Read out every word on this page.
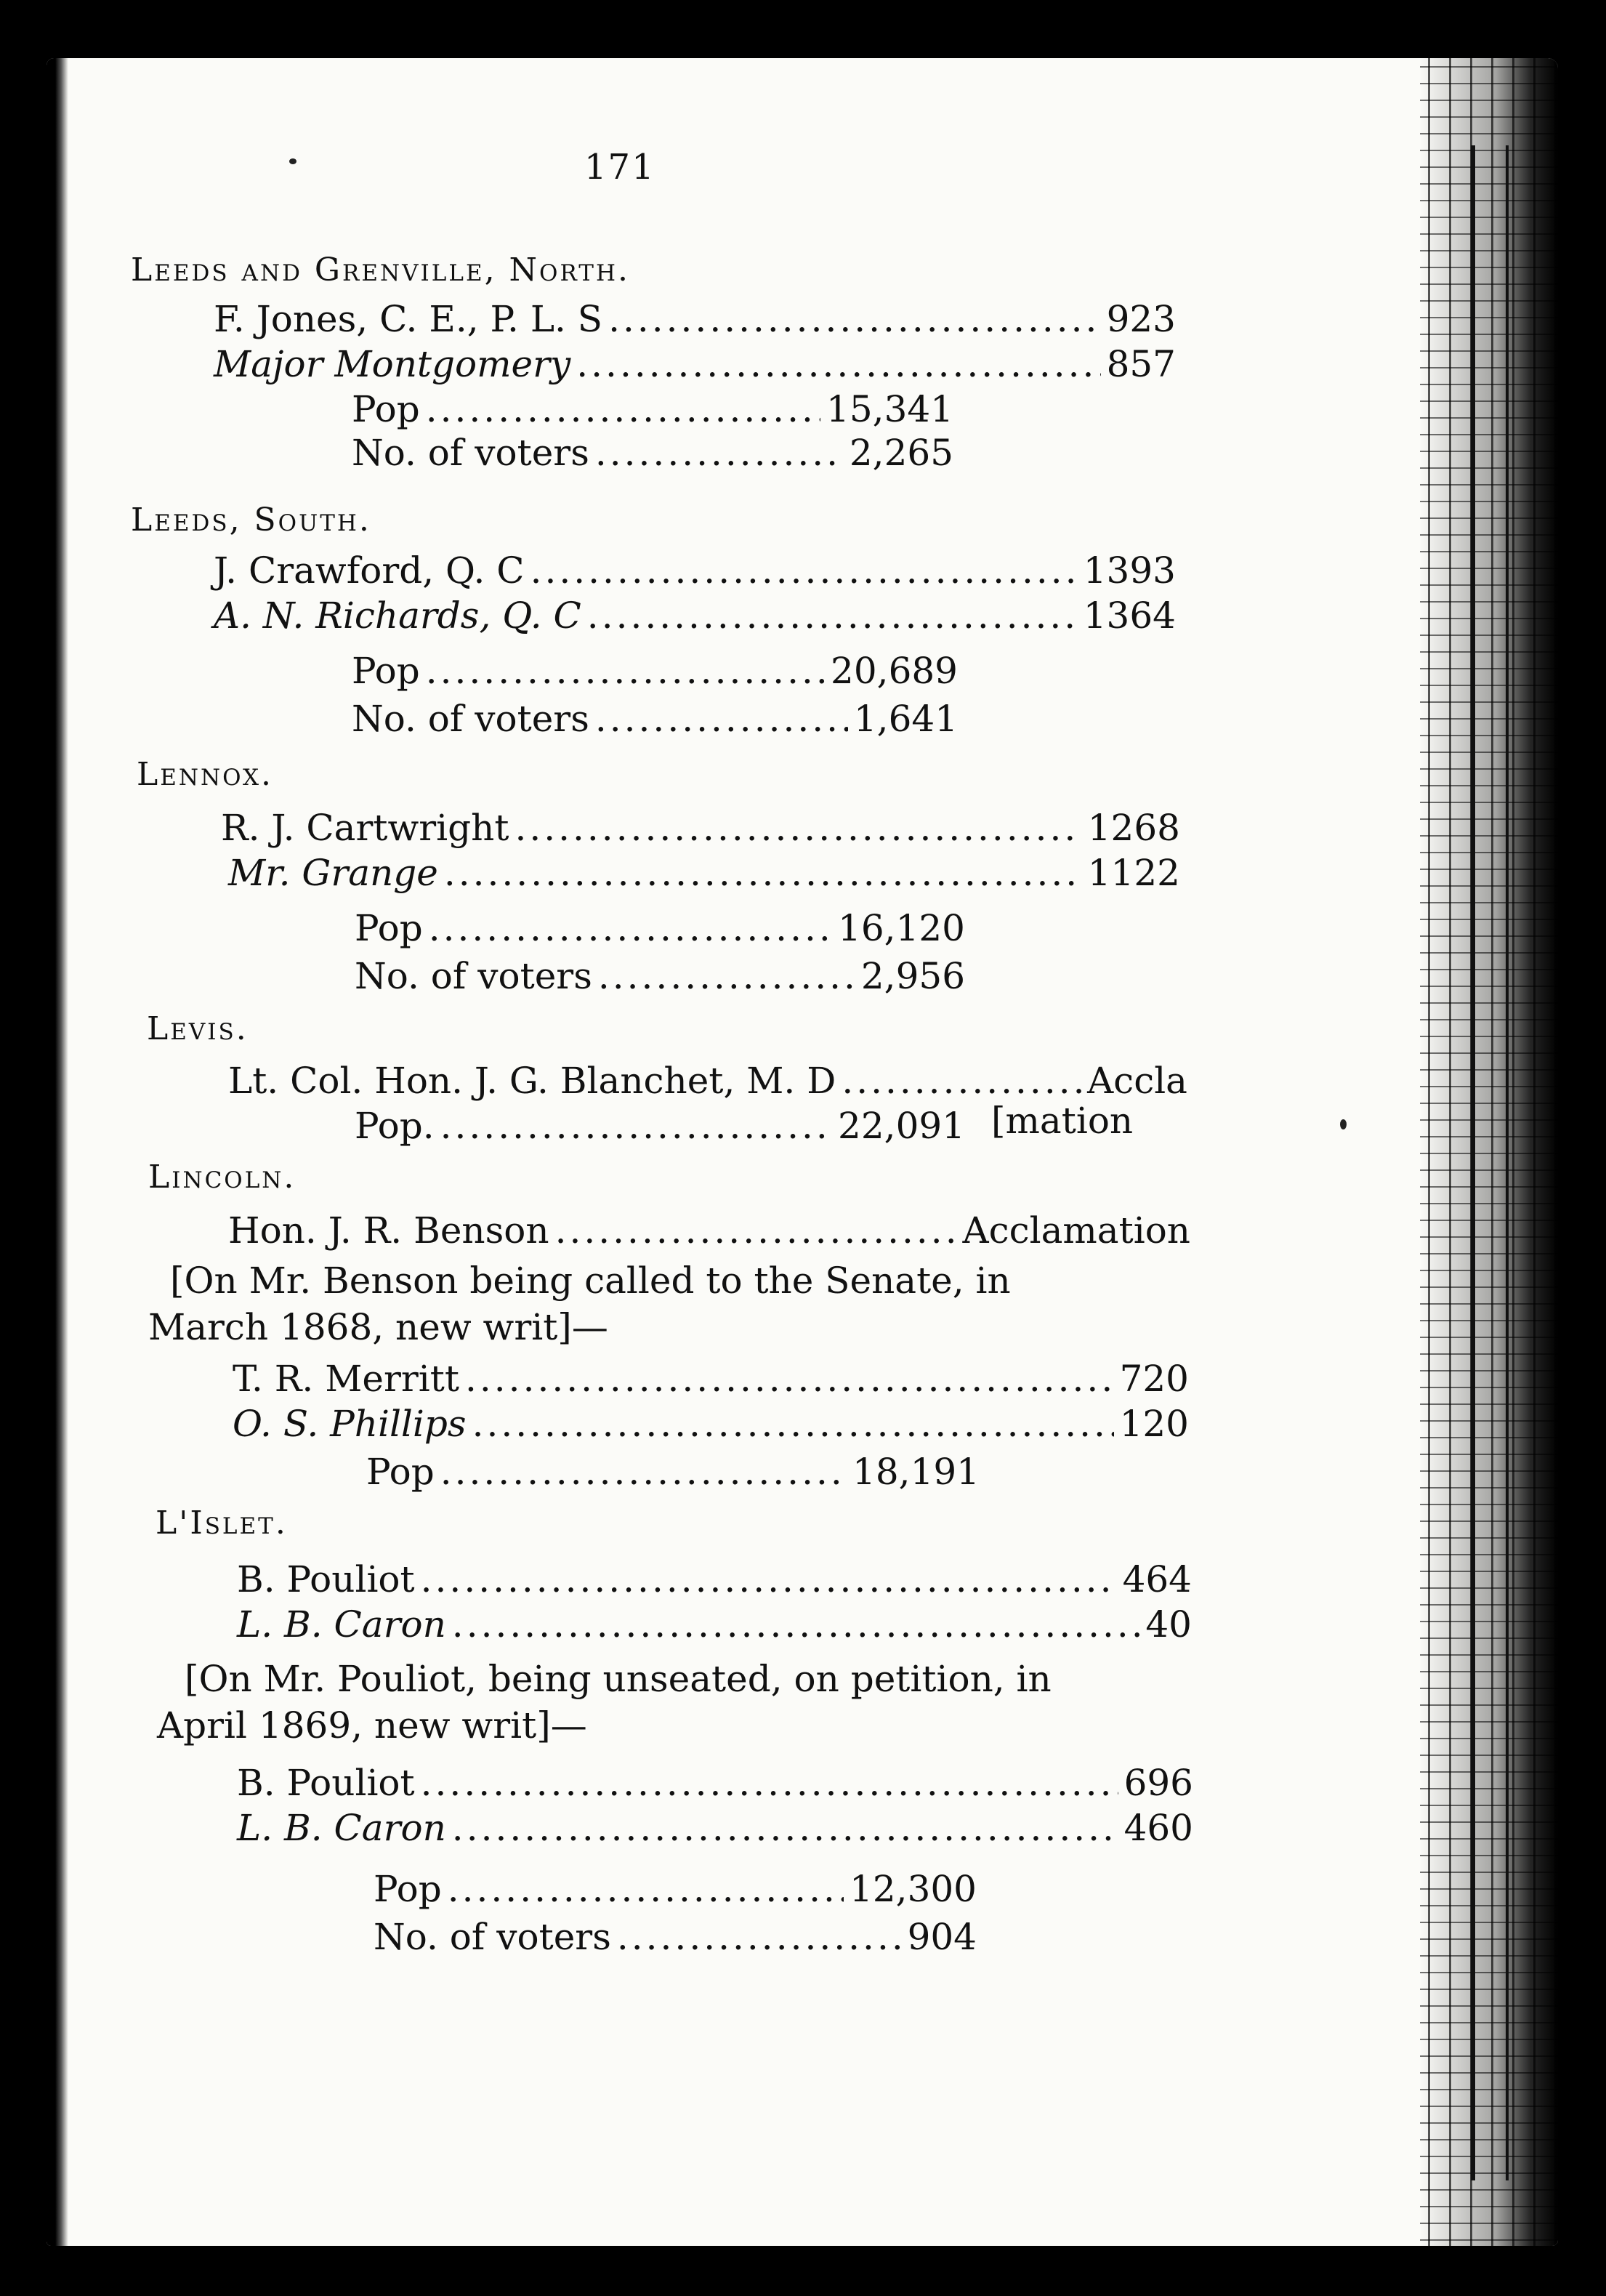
171
Leeds and Grenville, North.
F. Jones, C. E., P. L. S .....	923
Major Montgomery .....	857
Pop .....	15,341
No. of voters .....	2,265
Leeds, South.
J. Crawford, Q. C .....	1393
A. N. Richards, Q. C .....	1364
Pop .....	20,689
No. of voters .....	1,641
Lennox.
R. J. Cartwright .....	1268
Mr. Grange .....	1122
Pop .....	16,120
No. of voters .....	2,956
Levis.
Lt. Col. Hon. J. G. Blanchet, M. D .....	Accla
Pop. .....	22,091 [mation
Lincoln.
Hon. J. R. Benson .....	Acclamation
[On Mr. Benson being called to the Senate, in
March 1868, new writ]—
T. R. Merritt .....	720
O. S. Phillips .....	120
Pop .....	18,191
L'Islet.
B. Pouliot .....	464
L. B. Caron .....	40
[On Mr. Pouliot, being unseated, on petition, in
April 1869, new writ]—
B. Pouliot .....	696
L. B. Caron .....	460
Pop .....	12,300
No. of voters .....	904
